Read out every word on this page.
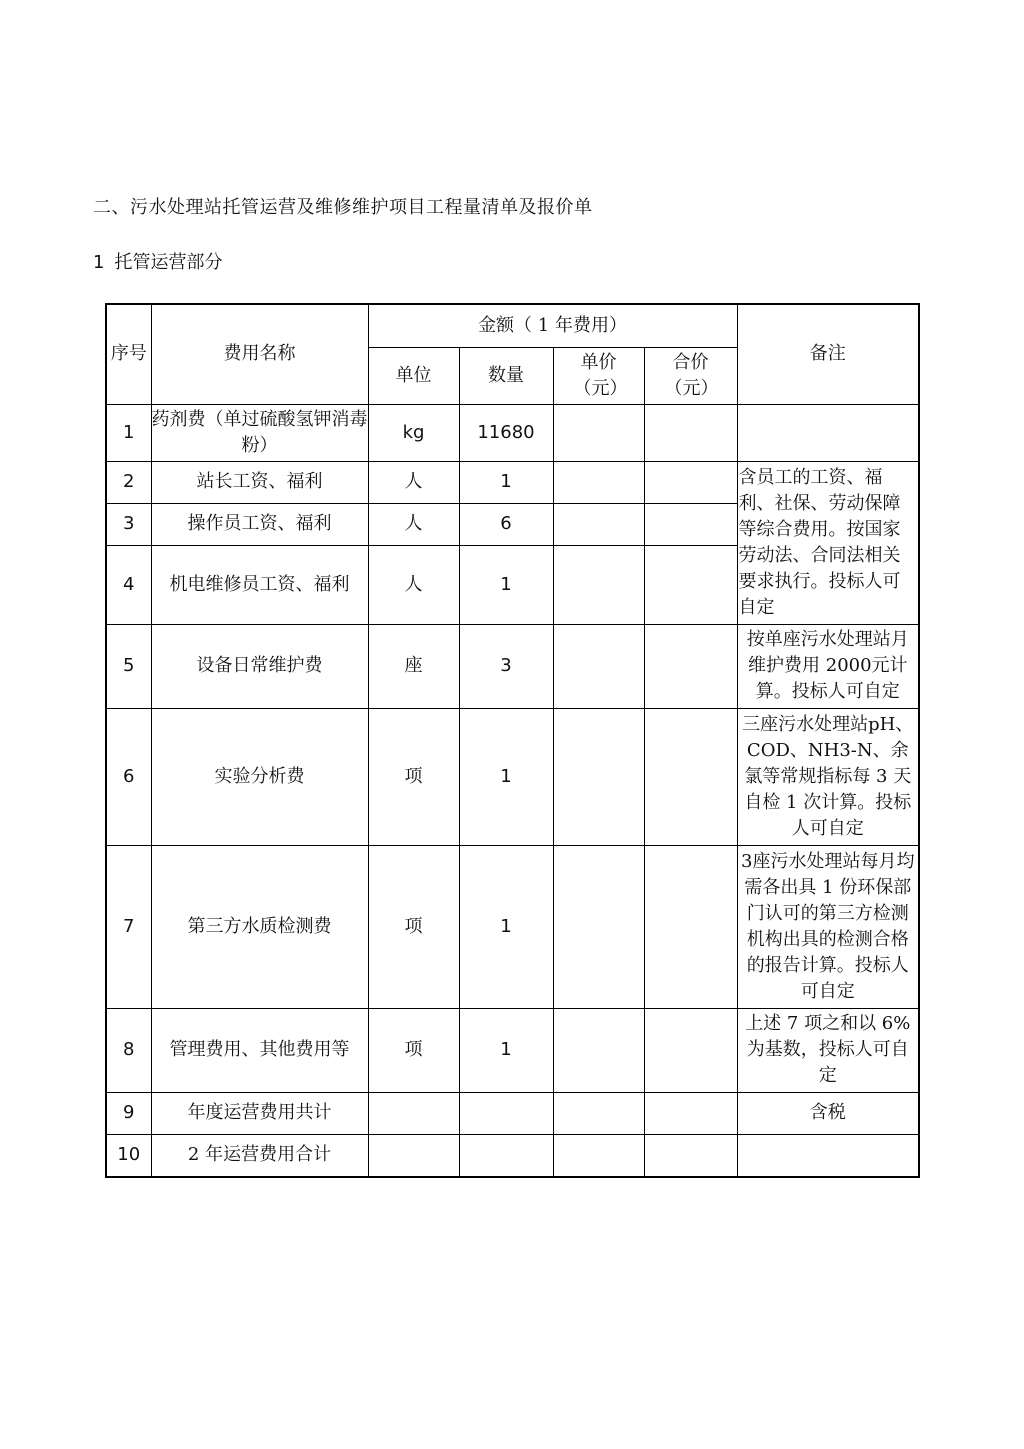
二、污水处理站托管运营及维修维护项目工程量清单及报价单
1 托管运营部分
序号	费用名称	金额（ 1 年费用）				备注
		单位	数量	单价（元）	合价（元）	
1	药剂费（单过硫酸氢钾消毒粉）	kg	11680			
2	站长工资、福利	人	1			含员工的工资、福利、社保、劳动保障等综合费用。按国家劳动法、合同法相关要求执行。投标人可自定
3	操作员工资、福利	人	6			
4	机电维修员工资、福利	人	1			
5	设备日常维护费	座	3			按单座污水处理站月维护费用 2000元计算。投标人可自定
6	实验分析费	项	1			三座污水处理站pH、COD、NH3-N、余氯等常规指标每 3 天自检 1 次计算。投标人可自定
7	第三方水质检测费	项	1			3座污水处理站每月均需各出具 1 份环保部门认可的第三方检测机构出具的检测合格的报告计算。投标人可自定
8	管理费用、其他费用等	项	1			上述 7 项之和以 6%为基数，投标人可自定
9	年度运营费用共计					含税
10	2 年运营费用合计					
